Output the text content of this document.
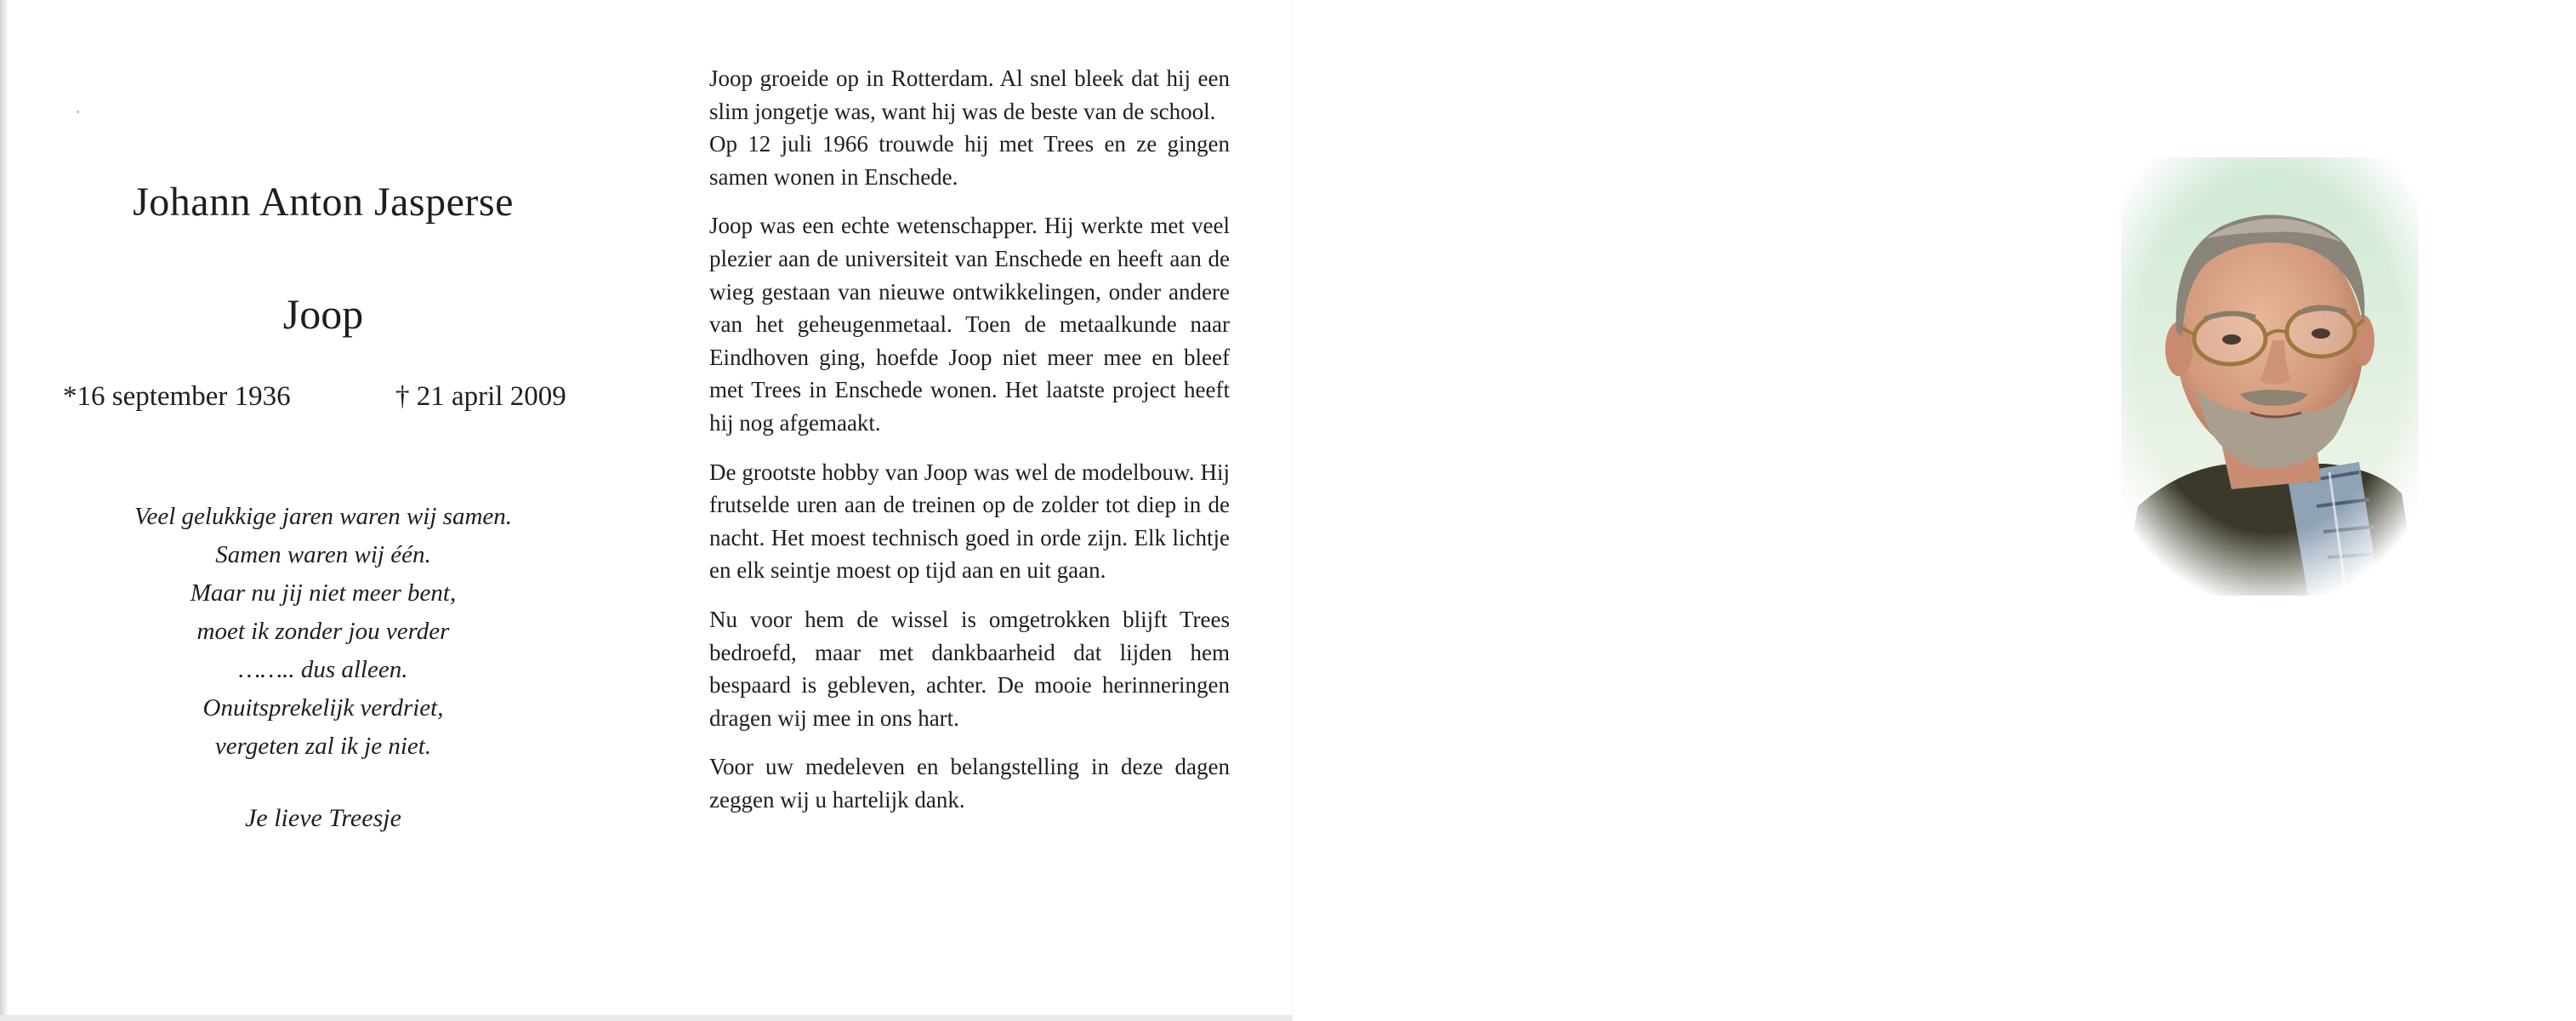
Johann Anton Jasperse
Joop
*16 september 1936	† 21 april 2009
Veel gelukkige jaren waren wij samen.
Samen waren wij één.
Maar nu jij niet meer bent,
moet ik zonder jou verder
…….. dus alleen.
Onuitsprekelijk verdriet,
vergeten zal ik je niet.
Je lieve Treesje

Joop groeide op in Rotterdam. Al snel bleek dat hij een slim jongetje was, want hij was de beste van de school.

Op 12 juli 1966 trouwde hij met Trees en ze gingen samen wonen in Enschede.

Joop was een echte wetenschapper. Hij werkte met veel plezier aan de universiteit van Enschede en heeft aan de wieg gestaan van nieuwe ontwikkelingen, onder andere van het geheugenmetaal. Toen de metaalkunde naar Eindhoven ging, hoefde Joop niet meer mee en bleef met Trees in Enschede wonen. Het laatste project heeft hij nog afgemaakt.

De grootste hobby van Joop was wel de modelbouw. Hij frutselde uren aan de treinen op de zolder tot diep in de nacht. Het moest technisch goed in orde zijn. Elk lichtje en elk seintje moest op tijd aan en uit gaan.

Nu voor hem de wissel is omgetrokken blijft Trees bedroefd, maar met dankbaarheid dat lijden hem bespaard is gebleven, achter. De mooie herinneringen dragen wij mee in ons hart.

Voor uw medeleven en belangstelling in deze dagen zeggen wij u hartelijk dank.
